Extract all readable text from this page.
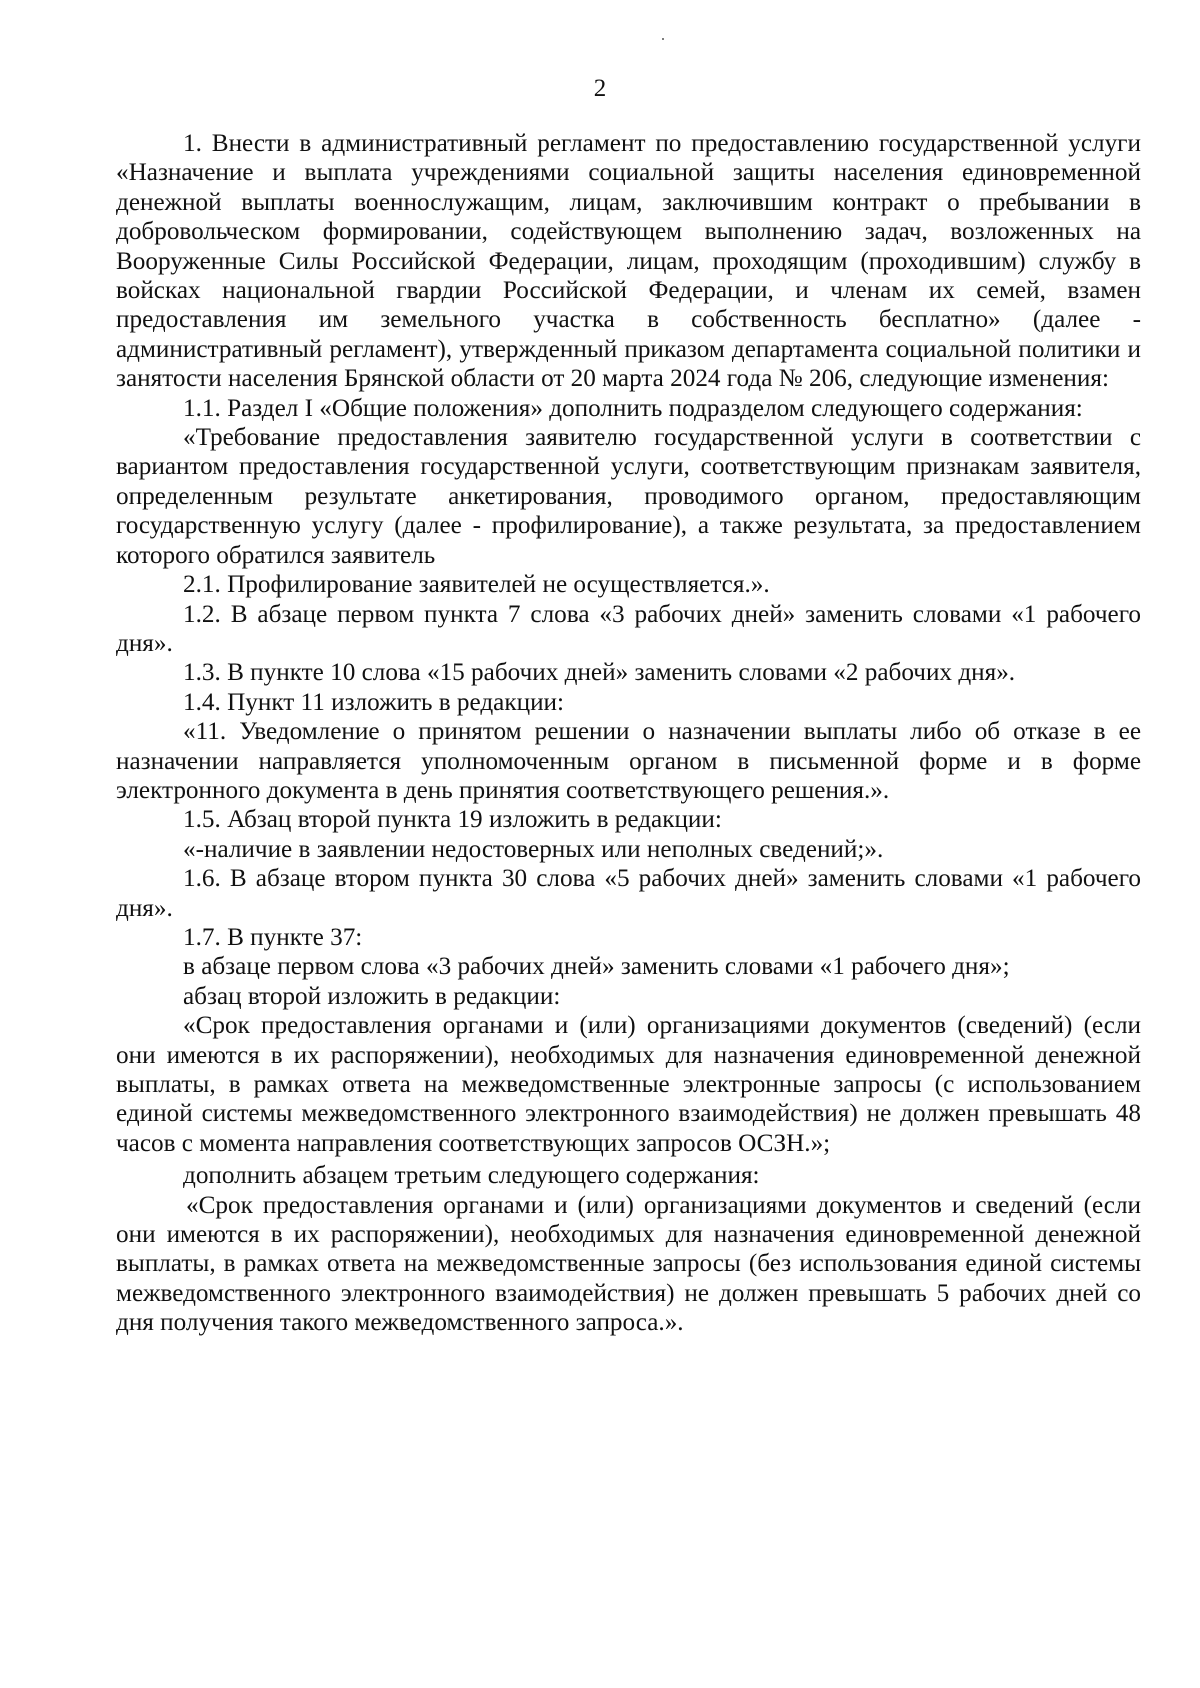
2

1. Внести в административный регламент по предоставлению государственной услуги «Назначение и выплата учреждениями социальной защиты населения единовременной денежной выплаты военнослужащим, лицам, заключившим контракт о пребывании в добровольческом формировании, содействующем выполнению задач, возложенных на Вооруженные Силы Российской Федерации, лицам, проходящим (проходившим) службу в войсках национальной гвардии Российской Федерации, и членам их семей, взамен предоставления им земельного участка в собственность бесплатно» (далее - административный регламент), утвержденный приказом департамента социальной политики и занятости населения Брянской области от 20 марта 2024 года № 206, следующие изменения:

1.1. Раздел I «Общие положения» дополнить подразделом следующего содержания:

«Требование предоставления заявителю государственной услуги в соответствии с вариантом предоставления государственной услуги, соответствующим признакам заявителя, определенным результате анкетирования, проводимого органом, предоставляющим государственную услугу (далее - профилирование), а также результата, за предоставлением которого обратился заявитель

2.1. Профилирование заявителей не осуществляется.».

1.2. В абзаце первом пункта 7 слова «3 рабочих дней» заменить словами «1 рабочего дня».

1.3. В пункте 10 слова «15 рабочих дней» заменить словами «2 рабочих дня».

1.4. Пункт 11 изложить в редакции:

«11. Уведомление о принятом решении о назначении выплаты либо об отказе в ее назначении направляется уполномоченным органом в письменной форме и в форме электронного документа в день принятия соответствующего решения.».

1.5. Абзац второй пункта 19 изложить в редакции:

«-наличие в заявлении недостоверных или неполных сведений;».

1.6. В абзаце втором пункта 30 слова «5 рабочих дней» заменить словами «1 рабочего дня».

1.7. В пункте 37:

в абзаце первом слова «3 рабочих дней» заменить словами «1 рабочего дня»;

абзац второй изложить в редакции:

«Срок предоставления органами и (или) организациями документов (сведений) (если они имеются в их распоряжении), необходимых для назначения единовременной денежной выплаты, в рамках ответа на межведомственные электронные запросы (с использованием единой системы межведомственного электронного взаимодействия) не должен превышать 48 часов с момента направления соответствующих запросов ОСЗН.»;

дополнить абзацем третьим следующего содержания:

«Срок предоставления органами и (или) организациями документов и сведений (если они имеются в их распоряжении), необходимых для назначения единовременной денежной выплаты, в рамках ответа на межведомственные запросы (без использования единой системы межведомственного электронного взаимодействия) не должен превышать 5 рабочих дней со дня получения такого межведомственного запроса.».
